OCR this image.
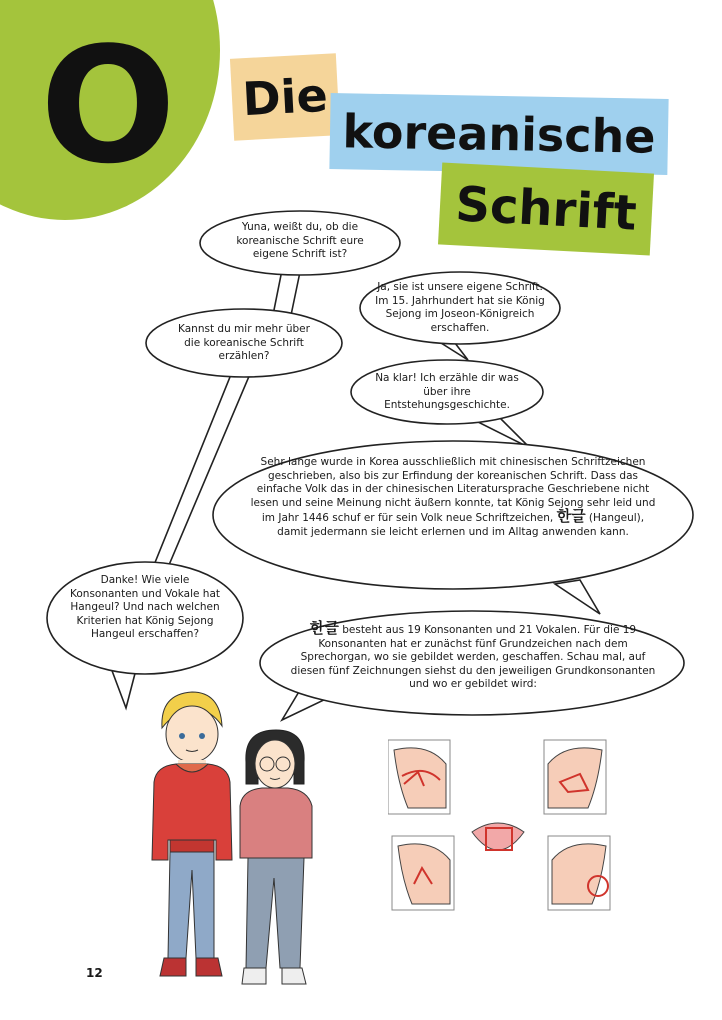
O Die
koreanische
Schrift
Yuna, weißt du, ob die koreanische Schrift eure eigene Schrift ist?
Ja, sie ist unsere eigene Schrift. Im 15. Jahrhundert hat sie König Sejong im Joseon-Königreich erschaffen.
Kannst du mir mehr über die koreanische Schrift erzählen?
Na klar! Ich erzähle dir was über ihre Entstehungsgeschichte.
Sehr lange wurde in Korea ausschließlich mit chinesischen Schriftzeichen geschrieben, also bis zur Erfindung der koreanischen Schrift. Dass das einfache Volk das in der chinesischen Literatursprache Geschriebene nicht lesen und seine Meinung nicht äußern konnte, tat König Sejong sehr leid und im Jahr 1446 schuf er für sein Volk neue Schriftzeichen, 한글 (Hangeul), damit jedermann sie leicht erlernen und im Alltag anwenden kann.
Danke! Wie viele Konsonanten und Vokale hat Hangeul? Und nach welchen Kriterien hat König Sejong Hangeul erschaffen?	한글 besteht aus 19 Konsonanten und 21 Vokalen. Für die 19 Konsonanten hat er zunächst fünf Grundzeichen nach dem Sprechorgan, wo sie gebildet werden, geschaffen. Schau mal, auf diesen fünf Zeichnungen siehst du den jeweiligen Grundkonsonanten und wo er gebildet wird:
12
